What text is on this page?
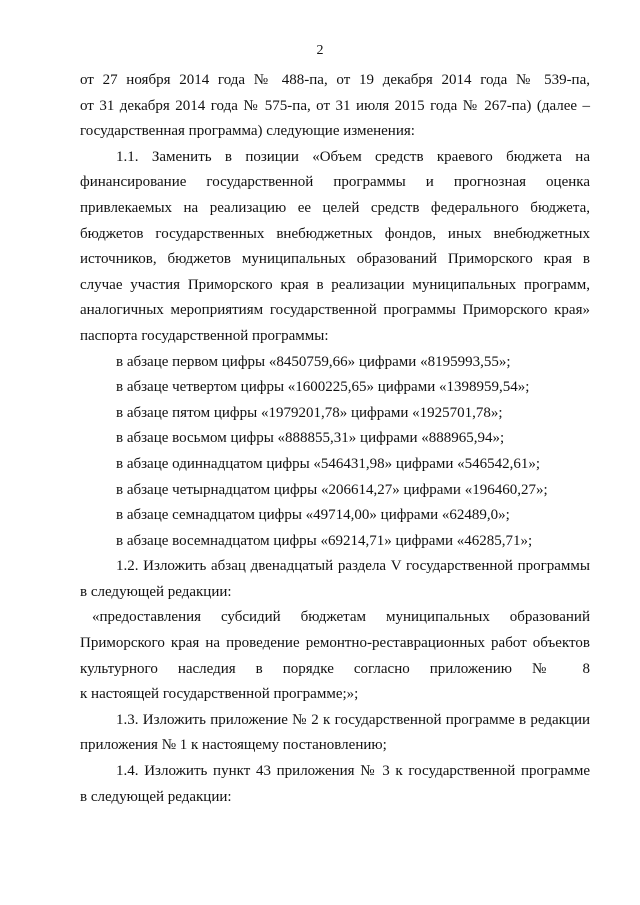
2

от 27 ноября 2014 года № 488-па, от 19 декабря 2014 года № 539-па,
от 31 декабря 2014 года № 575-па, от 31 июля 2015 года № 267-па) (далее –
государственная программа) следующие изменения:

1.1. Заменить в позиции «Объем средств краевого бюджета на
финансирование государственной программы и прогнозная оценка
привлекаемых на реализацию ее целей средств федерального бюджета,
бюджетов государственных внебюджетных фондов, иных внебюджетных
источников, бюджетов муниципальных образований Приморского края в
случае участия Приморского края в реализации муниципальных программ,
аналогичных мероприятиям государственной программы Приморского края»
паспорта государственной программы:

в абзаце первом цифры «8450759,66» цифрами «8195993,55»;

в абзаце четвертом цифры «1600225,65» цифрами «1398959,54»;

в абзаце пятом цифры «1979201,78» цифрами «1925701,78»;

в абзаце восьмом цифры «888855,31» цифрами «888965,94»;

в абзаце одиннадцатом цифры «546431,98» цифрами «546542,61»;

в абзаце четырнадцатом цифры «206614,27» цифрами «196460,27»;

в абзаце семнадцатом цифры «49714,00» цифрами «62489,0»;

в абзаце восемнадцатом цифры «69214,71» цифрами «46285,71»;

1.2. Изложить абзац двенадцатый раздела V государственной программы
в следующей редакции:

«предоставления субсидий бюджетам муниципальных образований
Приморского края на проведение ремонтно-реставрационных работ объектов
культурного наследия в порядке согласно приложению № 8
к настоящей государственной программе;»;

1.3. Изложить приложение № 2 к государственной программе в редакции
приложения № 1 к настоящему постановлению;

1.4. Изложить пункт 43 приложения № 3 к государственной программе
в следующей редакции:
